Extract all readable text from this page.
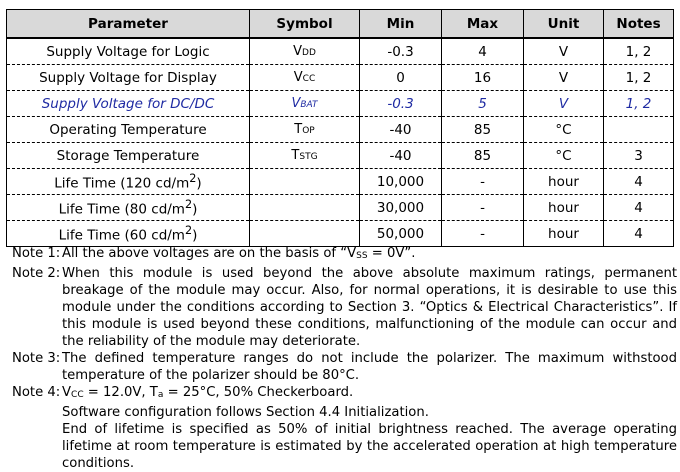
Parameter	Symbol	Min	Max	Unit	Notes
Supply Voltage for Logic	VDD	-0.3	4	V	1, 2
Supply Voltage for Display	VCC	0	16	V	1, 2
Supply Voltage for DC/DC	VBAT	-0.3	5	V	1, 2
Operating Temperature	TOP	-40	85	°C	
Storage Temperature	TSTG	-40	85	°C	3
Life Time (120 $cd/m^2$)		10,000	-	hour	4
Life Time (80 $cd/m^2$)		30,000	-	hour	4
Life Time (60 $cd/m^2$)		50,000	-	hour	4
Note 1: All the above voltages are on the basis of “VSS = 0V”.
Note 2: When this module is used beyond the above absolute maximum ratings, permanent breakage of the module may occur. Also, for normal operations, it is desirable to use this module under the conditions according to Section 3. “Optics & Electrical Characteristics”. If this module is used beyond these conditions, malfunctioning of the module can occur and the reliability of the module may deteriorate.
Note 3: The defined temperature ranges do not include the polarizer. The maximum withstood temperature of the polarizer should be 80°C.
Note 4: VCC = 12.0V, Ta = 25°C, 50% Checkerboard.

Software configuration follows Section 4.4 Initialization.

End of lifetime is specified as 50% of initial brightness reached. The average operating lifetime at room temperature is estimated by the accelerated operation at high temperature conditions.
